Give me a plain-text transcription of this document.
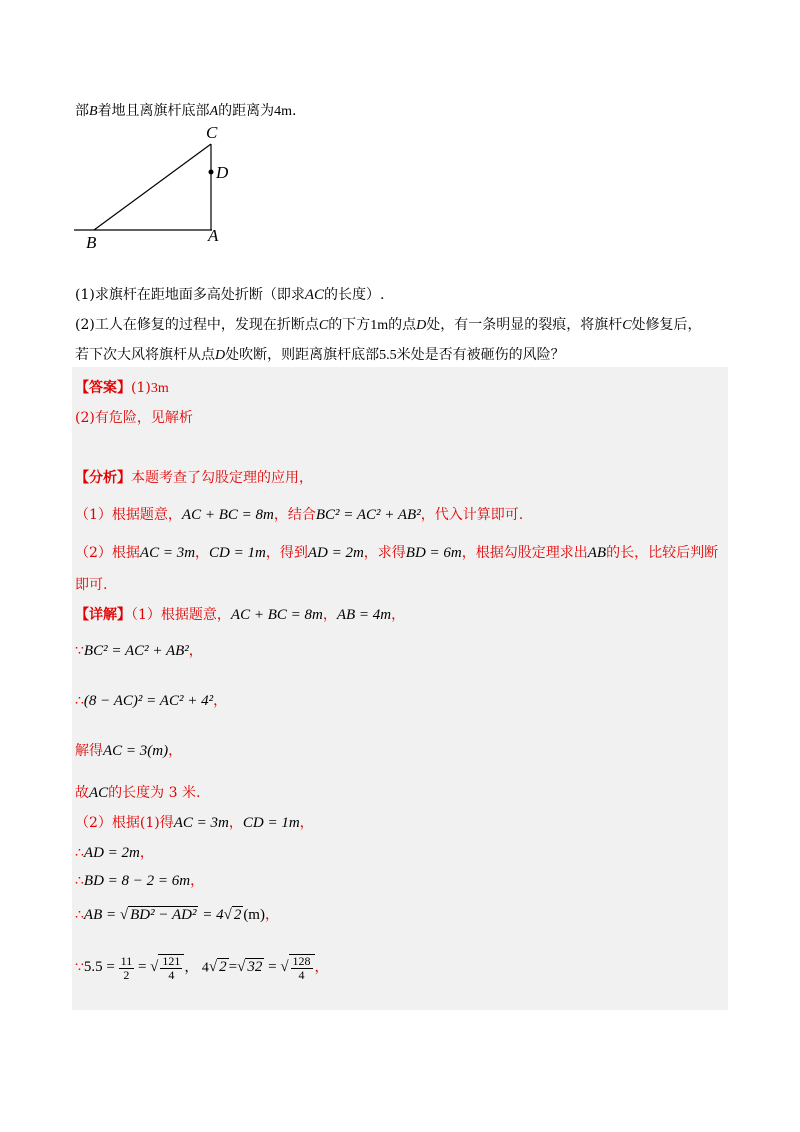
部B着地且离旗杆底部A的距离为4m.
C
D
B	A
(1)求旗杆在距地面多高处折断（即求AC的长度）.
(2)工人在修复的过程中，发现在折断点C的下方1m的点D处，有一条明显的裂痕，将旗杆C处修复后，
若下次大风将旗杆从点D处吹断，则距离旗杆底部5.5米处是否有被砸伤的风险？
【答案】(1)3m
(2)有危险，见解析
【分析】本题考查了勾股定理的应用，
（1）根据题意，AC + BC = 8m，结合BC² = AC² + AB²，代入计算即可.
（2）根据AC = 3m，CD = 1m，得到AD = 2m，求得BD = 6m，根据勾股定理求出AB的长，比较后判断
即可.
【详解】（1）根据题意，AC + BC = 8m，AB = 4m，
∵BC² = AC² + AB²，
∴(8 − AC)² = AC² + 4²，
解得AC = 3(m)，
故AC的长度为 3 米.
（2）根据(1)得AC = 3m，CD = 1m，
∴AD = 2m，
∴BD = 8 − 2 = 6m，
∴AB = √ BD² − AD² = 4√ 2 (m)，
∵5.5 = $\frac{11}{2}$ = √ $\frac{121}{4}$ ， 4√ 2 =√ 32 = √ $\frac{128}{4}$ ，
